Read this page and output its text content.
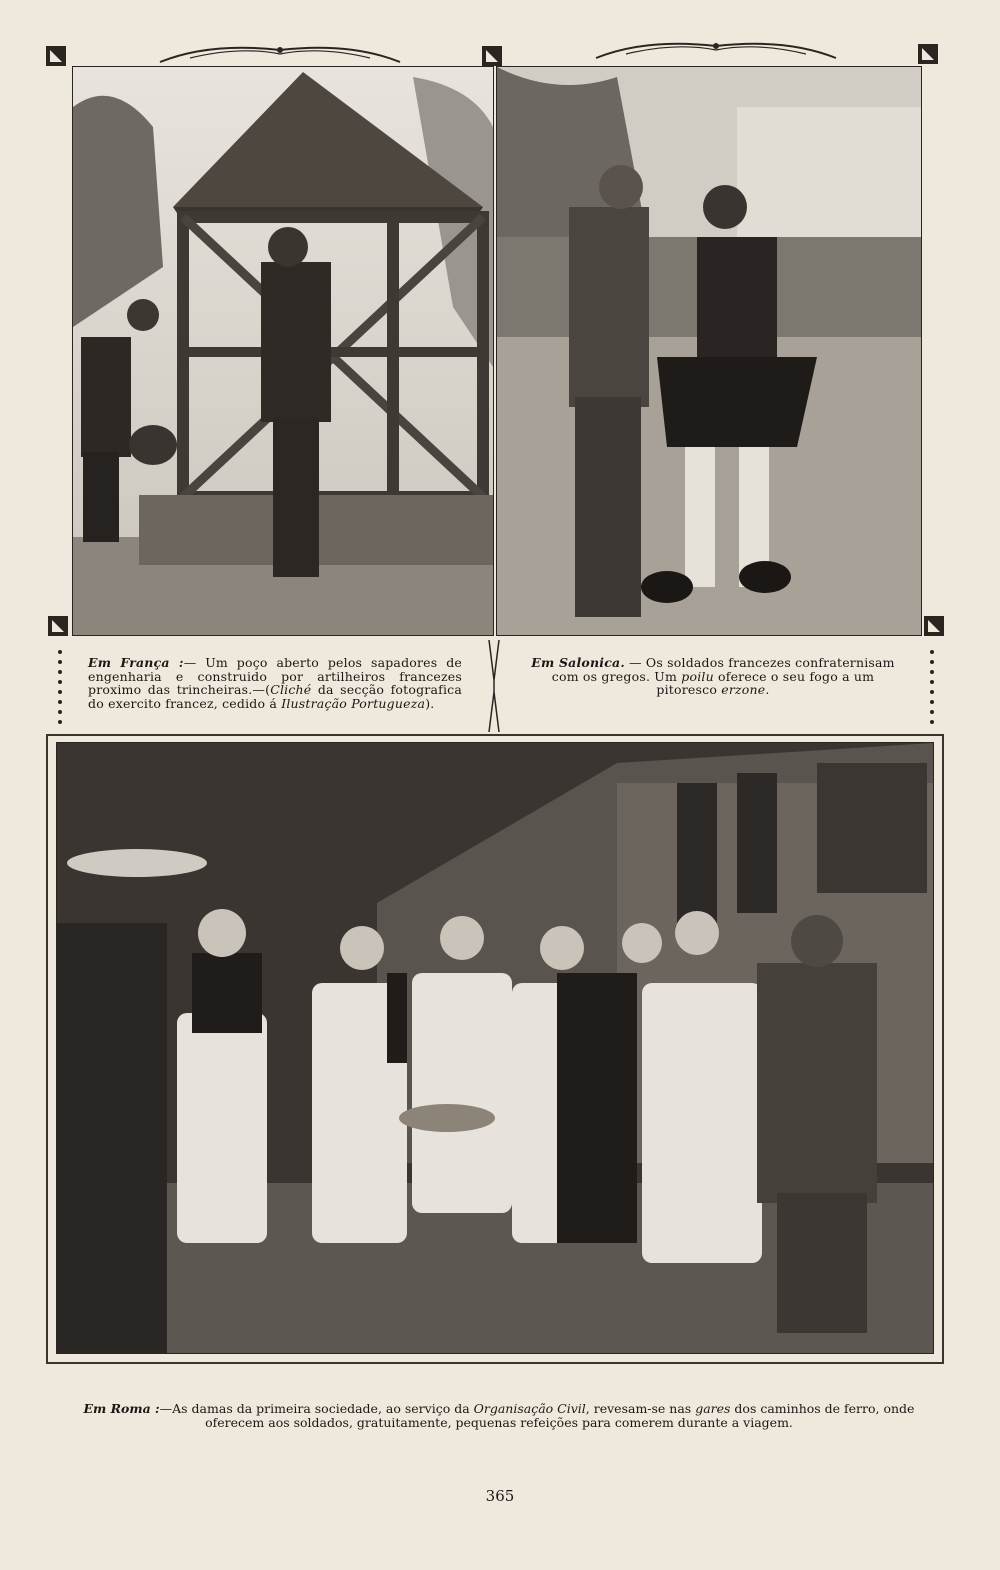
Em França :— Um poço aberto pelos sapadores de engenharia e construido por artilheiros francezes proximo das trincheiras.—(Cliché da secção fotografica do exercito francez, cedido á Ilustração Portugueza).
Em Salonica. — Os soldados francezes confraternisam com os gregos. Um poilu oferece o seu fogo a um pitoresco erzone.
Em Roma :—As damas da primeira sociedade, ao serviço da Organisação Civil, revesam-se nas gares dos caminhos de ferro, onde oferecem aos soldados, gratuitamente, pequenas refeições para comerem durante a viagem.
365
